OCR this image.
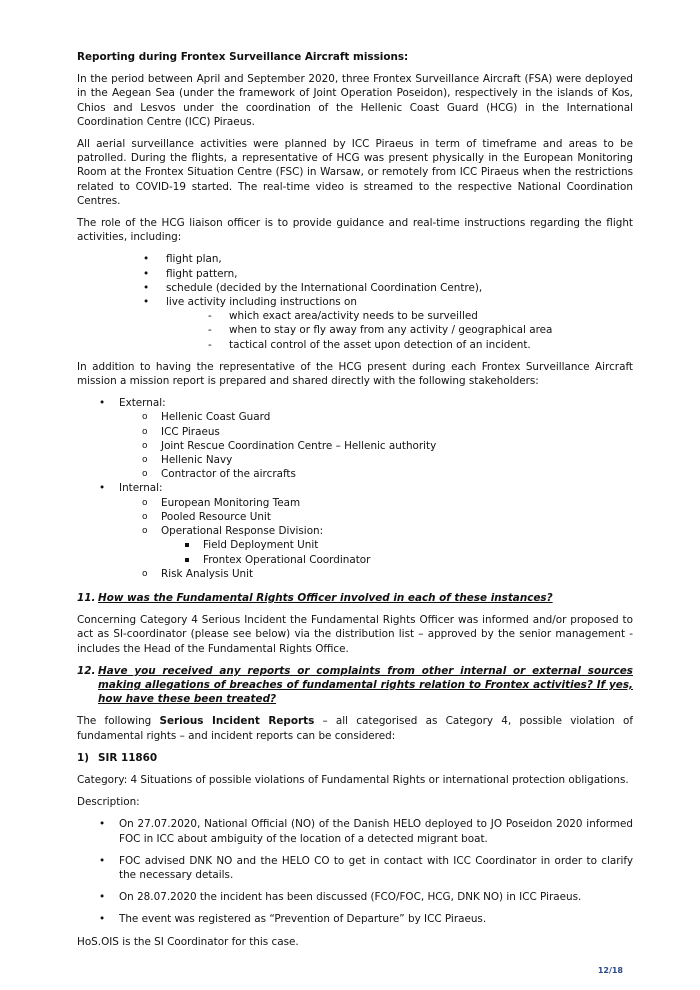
Reporting during Frontex Surveillance Aircraft missions:

In the period between April and September 2020, three Frontex Surveillance Aircraft (FSA) were deployed in the Aegean Sea (under the framework of Joint Operation Poseidon), respectively in the islands of Kos, Chios and Lesvos under the coordination of the Hellenic Coast Guard (HCG) in the International Coordination Centre (ICC) Piraeus.

All aerial surveillance activities were planned by ICC Piraeus in term of timeframe and areas to be patrolled. During the flights, a representative of HCG was present physically in the European Monitoring Room at the Frontex Situation Centre (FSC) in Warsaw, or remotely from ICC Piraeus when the restrictions related to COVID-19 started. The real-time video is streamed to the respective National Coordination Centres.

The role of the HCG liaison officer is to provide guidance and real-time instructions regarding the flight activities, including:

• flight plan,
• flight pattern,
• schedule (decided by the International Coordination Centre),
• live activity including instructions on
- which exact area/activity needs to be surveilled
- when to stay or fly away from any activity / geographical area
- tactical control of the asset upon detection of an incident.

In addition to having the representative of the HCG present during each Frontex Surveillance Aircraft mission a mission report is prepared and shared directly with the following stakeholders:

• External:
o Hellenic Coast Guard
o ICC Piraeus
o Joint Rescue Coordination Centre – Hellenic authority
o Hellenic Navy
o Contractor of the aircrafts
• Internal:
o European Monitoring Team
o Pooled Resource Unit
o Operational Response Division:
Field Deployment Unit
Frontex Operational Coordinator
o Risk Analysis Unit
11. How was the Fundamental Rights Officer involved in each of these instances?

Concerning Category 4 Serious Incident the Fundamental Rights Officer was informed and/or proposed to act as SI-coordinator (please see below) via the distribution list – approved by the senior management - includes the Head of the Fundamental Rights Office.

12. Have you received any reports or complaints from other internal or external sources making allegations of breaches of fundamental rights relation to Frontex activities? If yes, how have these been treated?

The following Serious Incident Reports – all categorised as Category 4, possible violation of fundamental rights – and incident reports can be considered:

1) SIR 11860

Category: 4 Situations of possible violations of Fundamental Rights or international protection obligations.

Description:

• On 27.07.2020, National Official (NO) of the Danish HELO deployed to JO Poseidon 2020 informed FOC in ICC about ambiguity of the location of a detected migrant boat.
• FOC advised DNK NO and the HELO CO to get in contact with ICC Coordinator in order to clarify the necessary details.
• On 28.07.2020 the incident has been discussed (FCO/FOC, HCG, DNK NO) in ICC Piraeus.
• The event was registered as “Prevention of Departure” by ICC Piraeus.

HoS.OIS is the SI Coordinator for this case.

12/18
